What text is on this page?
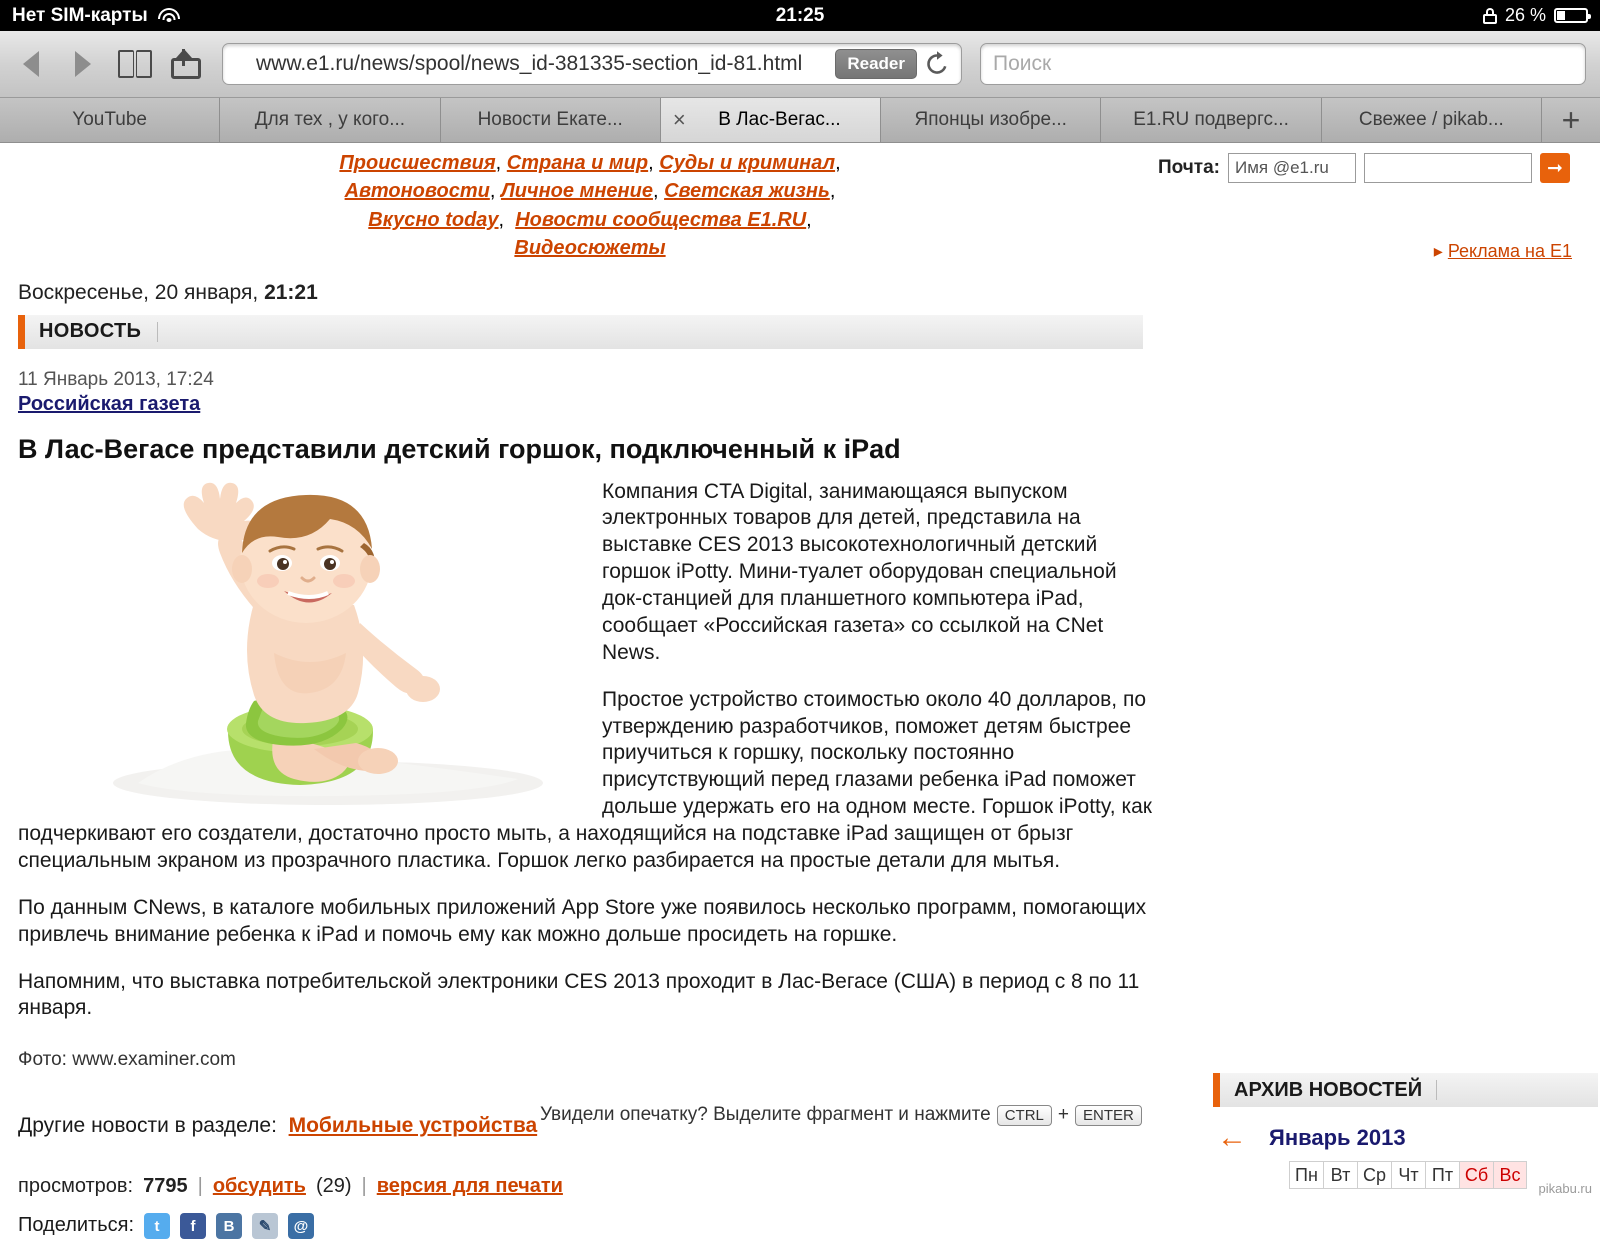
Нет SIM-карты	21:25	26 %
www.e1.ru/news/spool/news_id-381335-section_id-81.html	Reader	Поиск
YouTube	Для тех , у кого...	Новости Екате... ×	В Лас-Вегаc...	Японцы изобре...	E1.RU подвергс...	Свежее / pikab...	+
Происшествия, Страна и мир, Суды и криминал,
Автоновости, Личное мнение, Светская жизнь,
Вкусно today,  Новости сообщества E1.RU,
Видеосюжеты
Почта: Имя @e1.ru	➞
Воскресенье, 20 января, 21:21
▸ Реклама на E1
НОВОСТЬ
11 Январь 2013, 17:24
Российская газета
В Лас-Вегасе представили детский горшок, подключенный к iPad

Компания CTA Digital, занимающаяся выпуском электронных товаров для детей, представила на выставке CES 2013 высокотехнологичный детский горшок iPotty. Мини-туалет оборудован специальной док-станцией для планшетного компьютера iPad, сообщает «Российская газета» со ссылкой на CNet News.

Простое устройство стоимостью около 40 долларов, по утверждению разработчиков, поможет детям быстрее приучиться к горшку, поскольку постоянно присутствующий перед глазами ребенка iPad поможет дольше удержать его на одном месте. Горшок iPotty, как подчеркивают его создатели, достаточно просто мыть, а находящийся на подставке iPad защищен от брызг специальным экраном из прозрачного пластика. Горшок легко разбирается на простые детали для мытья.

По данным CNews, в каталоге мобильных приложений App Store уже появилось несколько программ, помогающих привлечь внимание ребенка к iPad и помочь ему как можно дольше просидеть на горшке.

Напомним, что выставка потребительской электроники CES 2013 проходит в Лас-Вегасе (США) в период с 8 по 11 января.

Фото: www.examiner.com
Другие новости в разделе: Мобильные устройства
просмотров: 7795 | обсудить (29) | версия для печати
Поделиться:	t	f	B	✎	@
Увидели опечатку? Выделите фрагмент и нажмите CTRL + ENTER
АРХИВ НОВОСТЕЙ
← Январь 2013
Пн Вт Ср Чт Пт Сб Вс
pikabu.ru
